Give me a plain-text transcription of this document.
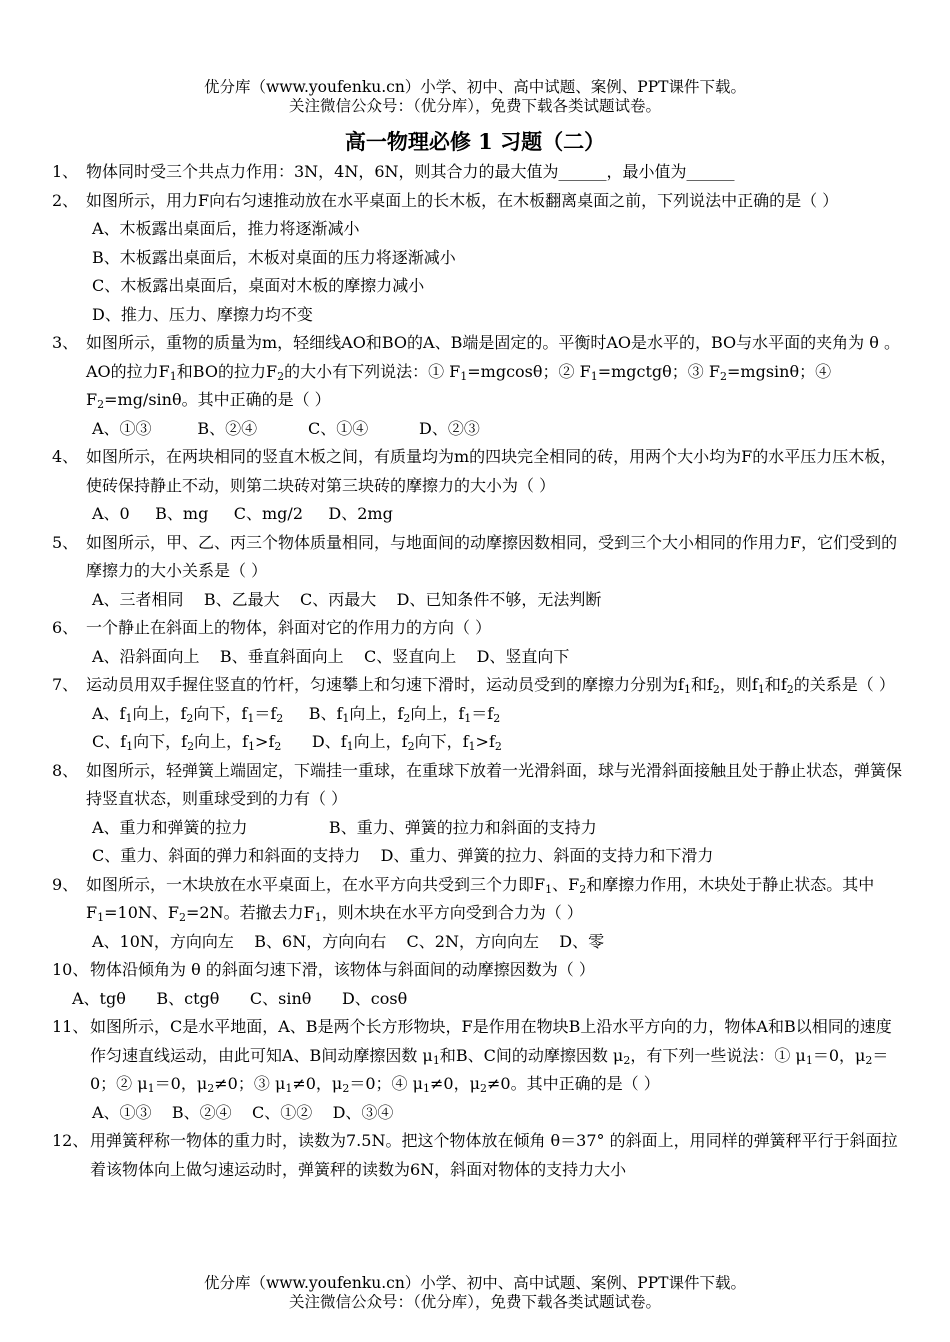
优分库（www.youfenku.cn）小学、初中、高中试题、案例、PPT课件下载。
关注微信公众号：（优分库），免费下载各类试题试卷。
高一物理必修 1 习题（二）
1、 物体同时受三个共点力作用：3N，4N，6N，则其合力的最大值为______，最小值为______
2、 如图所示，用力F向右匀速推动放在水平桌面上的长木板，在木板翻离桌面之前，下列说法中正确的是（ ）
A、木板露出桌面后，推力将逐渐减小
B、木板露出桌面后，木板对桌面的压力将逐渐减小
C、木板露出桌面后，桌面对木板的摩擦力减小
D、推力、压力、摩擦力均不变
3、 如图所示，重物的质量为m，轻细线AO和BO的A、B端是固定的。平衡时AO是水平的，BO与水平面的夹角为 θ 。AO的拉力$F_1$和BO的拉力$F_2$的大小有下列说法：① $F_1=mgcos\theta$；② $F_1=mgctg\theta$；③ $F_2=mgsin\theta$；④ $F_2=mg$/sinθ。其中正确的是（ ）
A、①③         B、②④          C、①④          D、②③
4、 如图所示，在两块相同的竖直木板之间，有质量均为m的四块完全相同的砖，用两个大小均为F的水平压力压木板，使砖保持静止不动，则第二块砖对第三块砖的摩擦力的大小为（ ）
A、0     B、mg     C、mg/2     D、2mg
5、 如图所示，甲、乙、丙三个物体质量相同，与地面间的动摩擦因数相同，受到三个大小相同的作用力F，它们受到的摩擦力的大小关系是（ ）
A、三者相同    B、乙最大    C、丙最大    D、已知条件不够，无法判断
6、 一个静止在斜面上的物体，斜面对它的作用力的方向（ ）
A、沿斜面向上    B、垂直斜面向上    C、竖直向上    D、竖直向下
7、 运动员用双手握住竖直的竹杆，匀速攀上和匀速下滑时，运动员受到的摩擦力分别为$f_1$和$f_2$，则$f_1$和$f_2$的关系是（ ）
A、$f_1$向上，$f_2$向下，$f_1=f_2$ B、$f_1$向上，$f_2$向上，$f_1=f_2$
C、$f_1$向下，$f_2$向上，$f_1>f_2$ D、$f_1$向上，$f_2$向下，$f_1>f_2$
8、 如图所示，轻弹簧上端固定，下端挂一重球，在重球下放着一光滑斜面，球与光滑斜面接触且处于静止状态，弹簧保持竖直状态，则重球受到的力有（ ）
A、重力和弹簧的拉力                B、重力、弹簧的拉力和斜面的支持力
C、重力、斜面的弹力和斜面的支持力    D、重力、弹簧的拉力、斜面的支持力和下滑力
9、 如图所示，一木块放在水平桌面上，在水平方向共受到三个力即$F_1$、$F_2$和摩擦力作用，木块处于静止状态。其中$F_1=10N$、$F_2=2N$。若撤去力$F_1$，则木块在水平方向受到合力为（ ）
A、10N，方向向左    B、6N，方向向右    C、2N，方向向左    D、零
10、 物体沿倾角为 θ 的斜面匀速下滑，该物体与斜面间的动摩擦因数为（ ）
A、tgθ      B、ctgθ      C、sinθ      D、cosθ
11、 如图所示，C是水平地面，A、B是两个长方形物块，F是作用在物块B上沿水平方向的力，物体A和B以相同的速度作匀速直线运动，由此可知A、B间动摩擦因数 $\mu_1$和B、C间的动摩擦因数 $\mu_2$，有下列一些说法：① $\mu_1=0$，$\mu_2=0$；② $\mu_1=0$，$\mu_2\ne 0$；③ $\mu_1\ne 0$，$\mu_2=0$；④ $\mu_1\ne 0$，$\mu_2\ne 0$。其中正确的是（ ）
A、①③    B、②④    C、①②    D、③④
12、 用弹簧秤称一物体的重力时，读数为7.5N。把这个物体放在倾角 θ＝37° 的斜面上，用同样的弹簧秤平行于斜面拉着该物体向上做匀速运动时，弹簧秤的读数为6N，斜面对物体的支持力大小
优分库（www.youfenku.cn）小学、初中、高中试题、案例、PPT课件下载。
关注微信公众号：（优分库），免费下载各类试题试卷。
